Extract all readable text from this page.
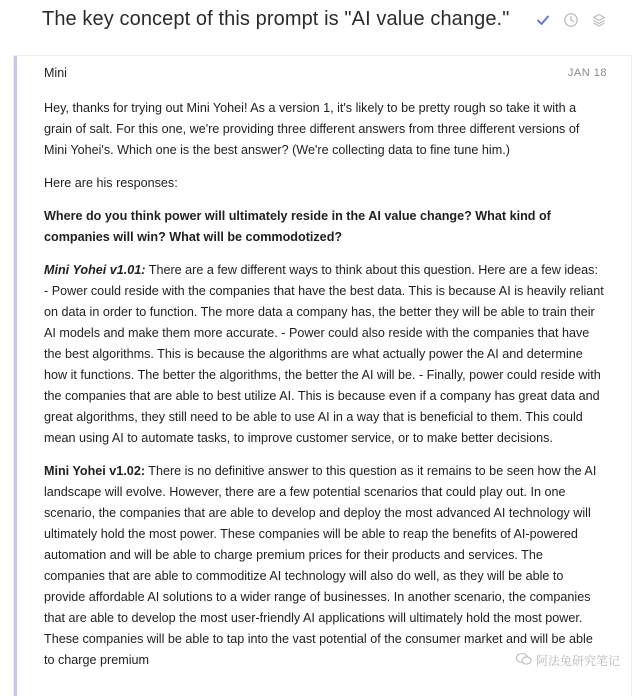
The key concept of this prompt is "AI value change."
Mini	JAN 18

Hey, thanks for trying out Mini Yohei! As a version 1, it's likely to be pretty rough so take it with a grain of salt. For this one, we're providing three different answers from three different versions of Mini Yohei's. Which one is the best answer? (We're collecting data to fine tune him.)

Here are his responses:

Where do you think power will ultimately reside in the AI value change? What kind of companies will win? What will be commodotized?

Mini Yohei v1.01: There are a few different ways to think about this question. Here are a few ideas: - Power could reside with the companies that have the best data. This is because AI is heavily reliant on data in order to function. The more data a company has, the better they will be able to train their AI models and make them more accurate. - Power could also reside with the companies that have the best algorithms. This is because the algorithms are what actually power the AI and determine how it functions. The better the algorithms, the better the AI will be. - Finally, power could reside with the companies that are able to best utilize AI. This is because even if a company has great data and great algorithms, they still need to be able to use AI in a way that is beneficial to them. This could mean using AI to automate tasks, to improve customer service, or to make better decisions.

Mini Yohei v1.02: There is no definitive answer to this question as it remains to be seen how the AI landscape will evolve. However, there are a few potential scenarios that could play out. In one scenario, the companies that are able to develop and deploy the most advanced AI technology will ultimately hold the most power. These companies will be able to reap the benefits of AI-powered automation and will be able to charge premium prices for their products and services. The companies that are able to commoditize AI technology will also do well, as they will be able to provide affordable AI solutions to a wider range of businesses. In another scenario, the companies that are able to develop the most user-friendly AI applications will ultimately hold the most power. These companies will be able to tap into the vast potential of the consumer market and will be able to charge premium	阿法兔研究笔记
